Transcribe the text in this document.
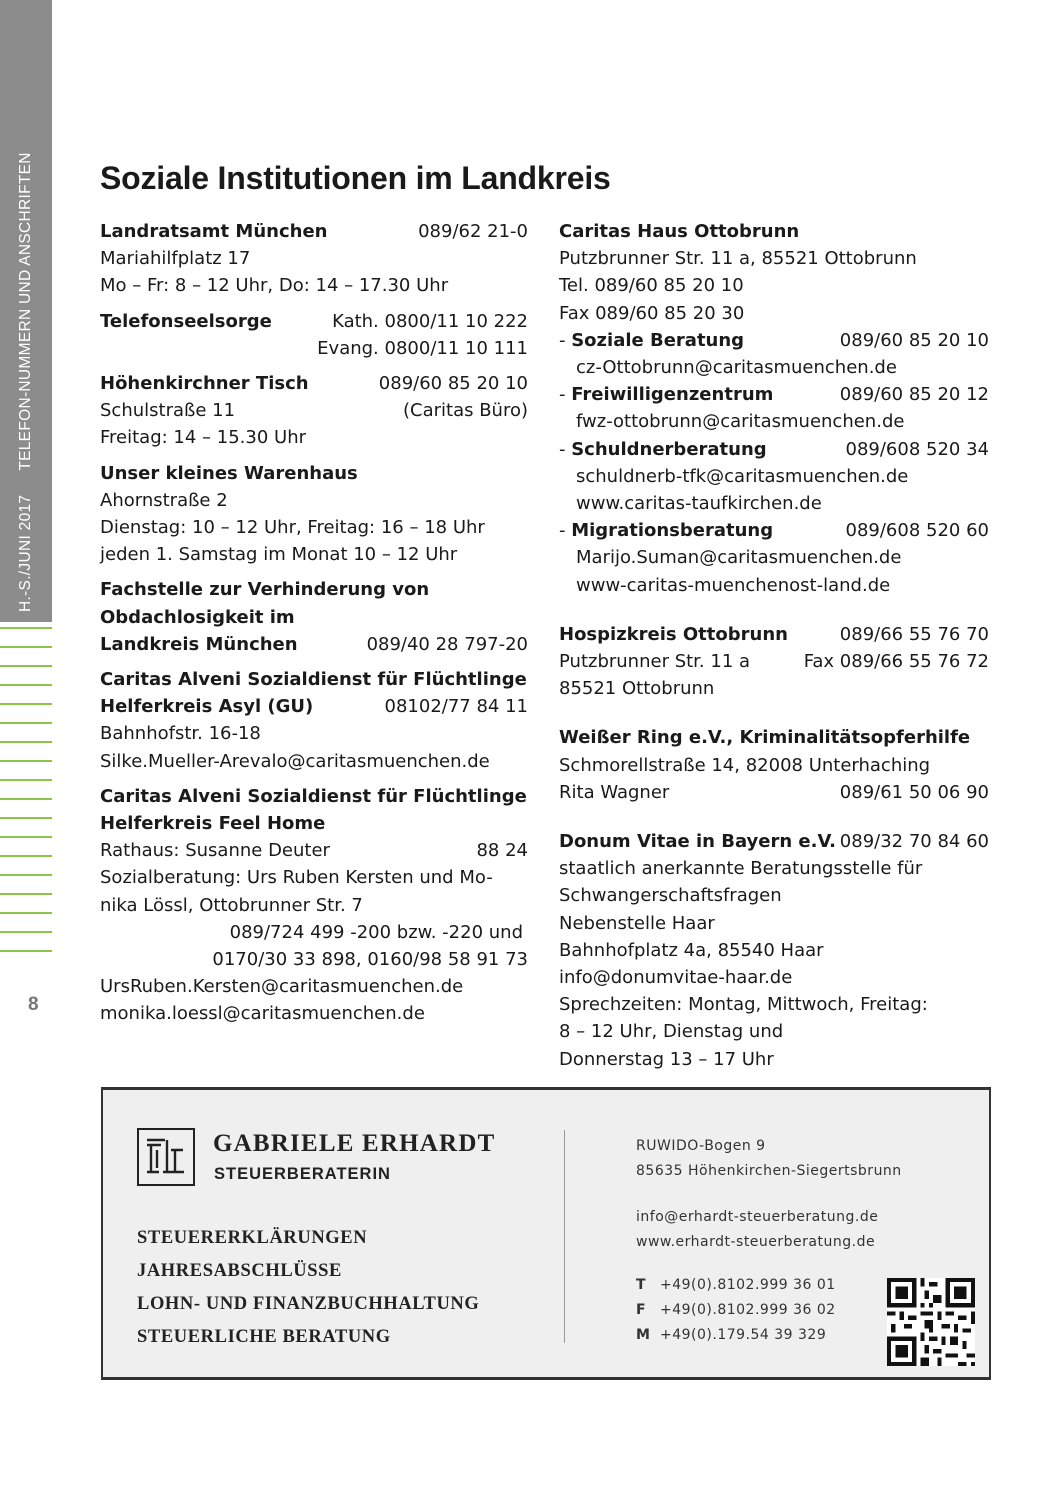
H.-S./JUNI 2017
TELEFON-NUMMERN UND ANSCHRIFTEN
8
Soziale Institutionen im Landkreis
Landratsamt München	089/62 21-0
Mariahilfplatz 17
Mo – Fr: 8 – 12 Uhr, Do: 14 – 17.30 Uhr
Telefonseelsorge	Kath. 0800/11 10 222
Evang. 0800/11 10 111
Höhenkirchner Tisch	089/60 85 20 10
Schulstraße 11	(Caritas Büro)
Freitag: 14 – 15.30 Uhr
Unser kleines Warenhaus
Ahornstraße 2
Dienstag: 10 – 12 Uhr, Freitag: 16 – 18 Uhr
jeden 1. Samstag im Monat 10 – 12 Uhr
Fachstelle zur Verhinderung von
Obdachlosigkeit im
Landkreis München	089/40 28 797-20
Caritas Alveni Sozialdienst für Flüchtlinge
Helferkreis Asyl (GU)	08102/77 84 11
Bahnhofstr. 16-18
Silke.Mueller-Arevalo@caritasmuenchen.de
Caritas Alveni Sozialdienst für Flüchtlinge
Helferkreis Feel Home
Rathaus: Susanne Deuter	88 24
Sozialberatung: Urs Ruben Kersten und Mo-
nika Lössl, Ottobrunner Str. 7
089/724 499 -200 bzw. -220 und
0170/30 33 898, 0160/98 58 91 73
UrsRuben.Kersten@caritasmuenchen.de
monika.loessl@caritasmuenchen.de
Caritas Haus Ottobrunn
Putzbrunner Str. 11 a, 85521 Ottobrunn
Tel. 089/60 85 20 10
Fax 089/60 85 20 30
- Soziale Beratung	089/60 85 20 10
cz-Ottobrunn@caritasmuenchen.de
- Freiwilligenzentrum	089/60 85 20 12
fwz-ottobrunn@caritasmuenchen.de
- Schuldnerberatung	089/608 520 34
schuldnerb-tfk@caritasmuenchen.de
www.caritas-taufkirchen.de
- Migrationsberatung	089/608 520 60
Marijo.Suman@caritasmuenchen.de
www-caritas-muenchenost-land.de
Hospizkreis Ottobrunn	089/66 55 76 70
Putzbrunner Str. 11 a	Fax 089/66 55 76 72
85521 Ottobrunn
Weißer Ring e.V., Kriminalitätsopferhilfe
Schmorellstraße 14, 82008 Unterhaching
Rita Wagner	089/61 50 06 90
Donum Vitae in Bayern e.V. 089/32 70 84 60
staatlich anerkannte Beratungsstelle für
Schwangerschaftsfragen
Nebenstelle Haar
Bahnhofplatz 4a, 85540 Haar
info@donumvitae-haar.de
Sprechzeiten: Montag, Mittwoch, Freitag:
8 – 12 Uhr, Dienstag und
Donnerstag 13 – 17 Uhr
GABRIELE ERHARDT
STEUERBERATERIN
STEUERERKLÄRUNGEN
JAHRESABSCHLÜSSE
LOHN- UND FINANZBUCHHALTUNG
STEUERLICHE BERATUNG
RUWIDO-Bogen 9
85635 Höhenkirchen-Siegertsbrunn
info@erhardt-steuerberatung.de
www.erhardt-steuerberatung.de
T +49(0).8102.999 36 01
F +49(0).8102.999 36 02
M +49(0).179.54 39 329
